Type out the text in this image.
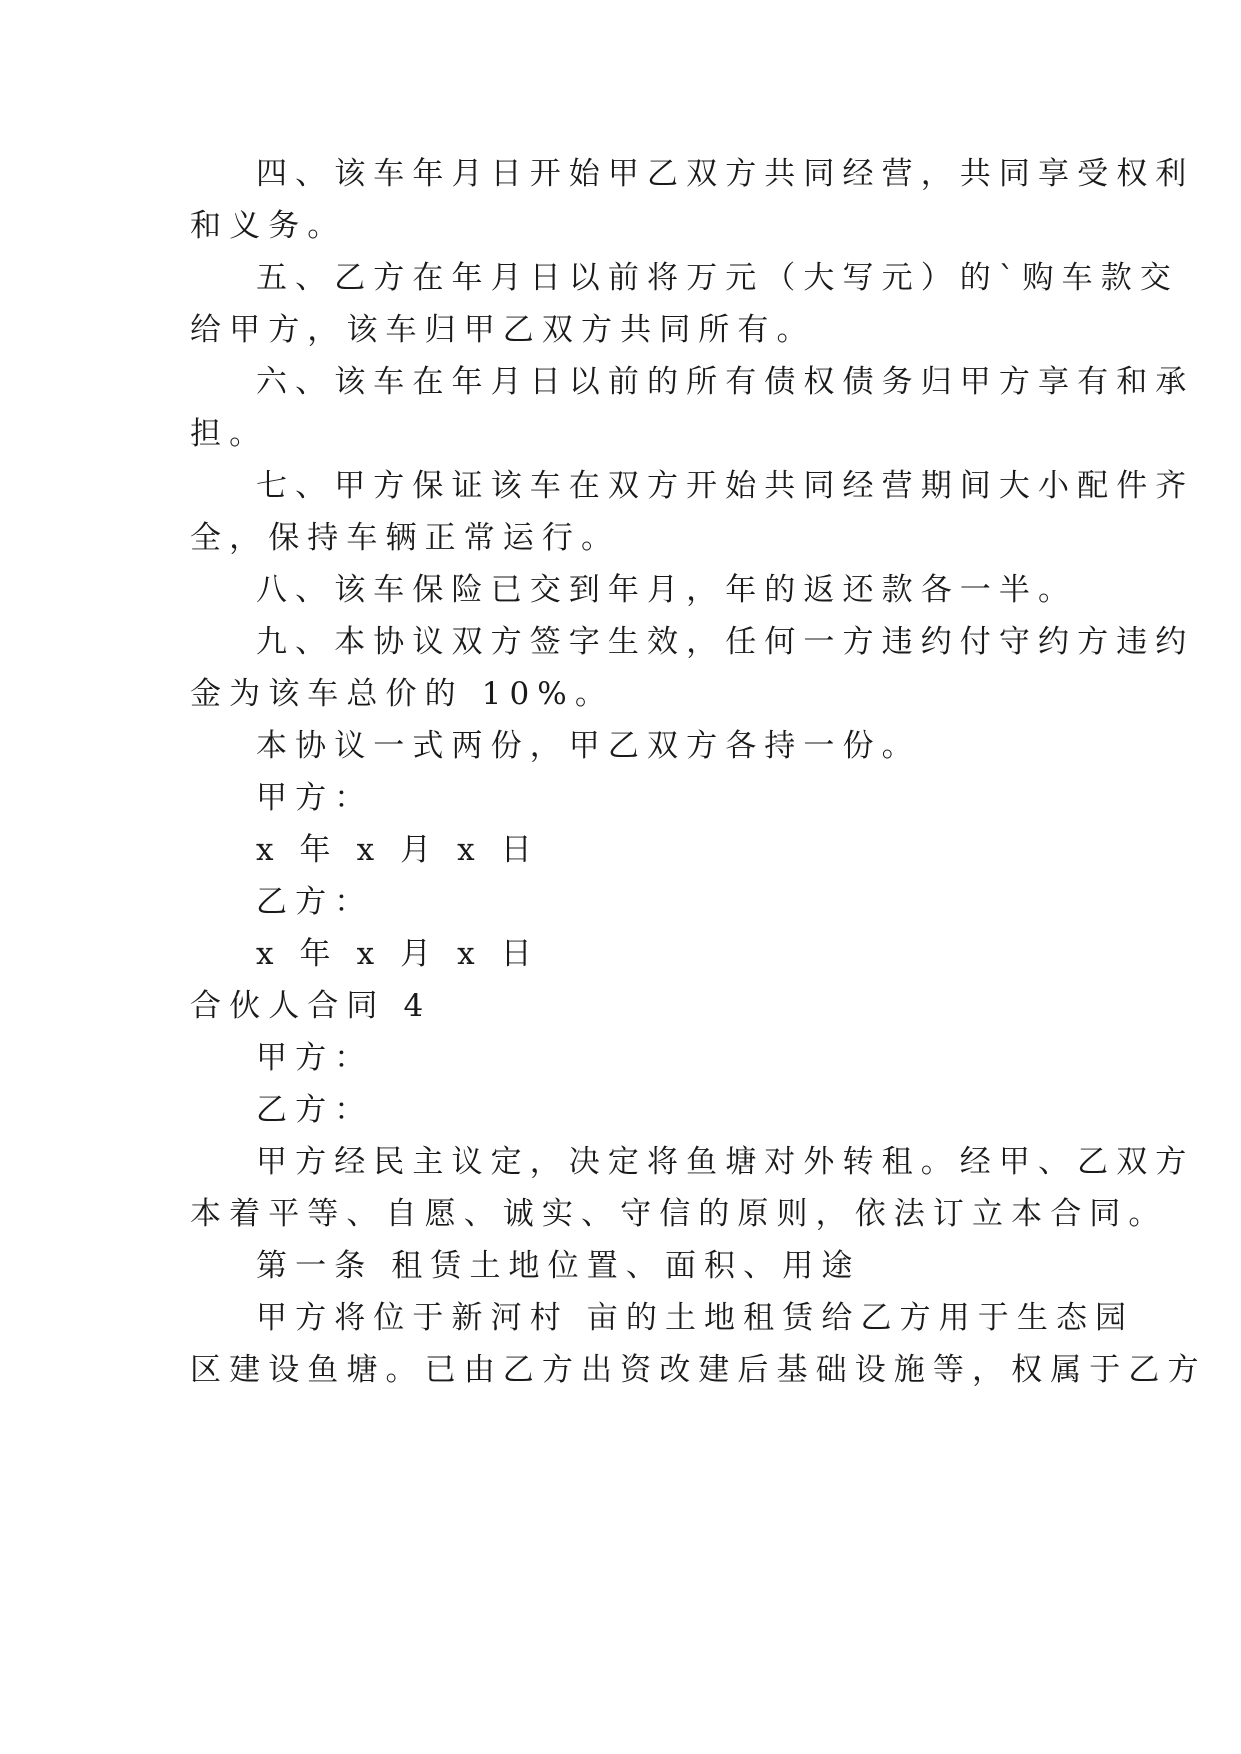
四、该车年月日开始甲乙双方共同经营，共同享受权利
和义务。
五、乙方在年月日以前将万元（大写元）的`购车款交
给甲方，该车归甲乙双方共同所有。
六、该车在年月日以前的所有债权债务归甲方享有和承
担。
七、甲方保证该车在双方开始共同经营期间大小配件齐
全，保持车辆正常运行。
八、该车保险已交到年月，年的返还款各一半。
九、本协议双方签字生效，任何一方违约付守约方违约
金为该车总价的 10%。
本协议一式两份，甲乙双方各持一份。
甲方：
x 年 x 月 x 日
乙方：
x 年 x 月 x 日
合伙人合同 4
甲方：
乙方：
甲方经民主议定，决定将鱼塘对外转租。经甲、乙双方
本着平等、自愿、诚实、守信的原则，依法订立本合同。
第一条 租赁土地位置、面积、用途
甲方将位于新河村 亩的土地租赁给乙方用于生态园
区建设鱼塘。已由乙方出资改建后基础设施等，权属于乙方
